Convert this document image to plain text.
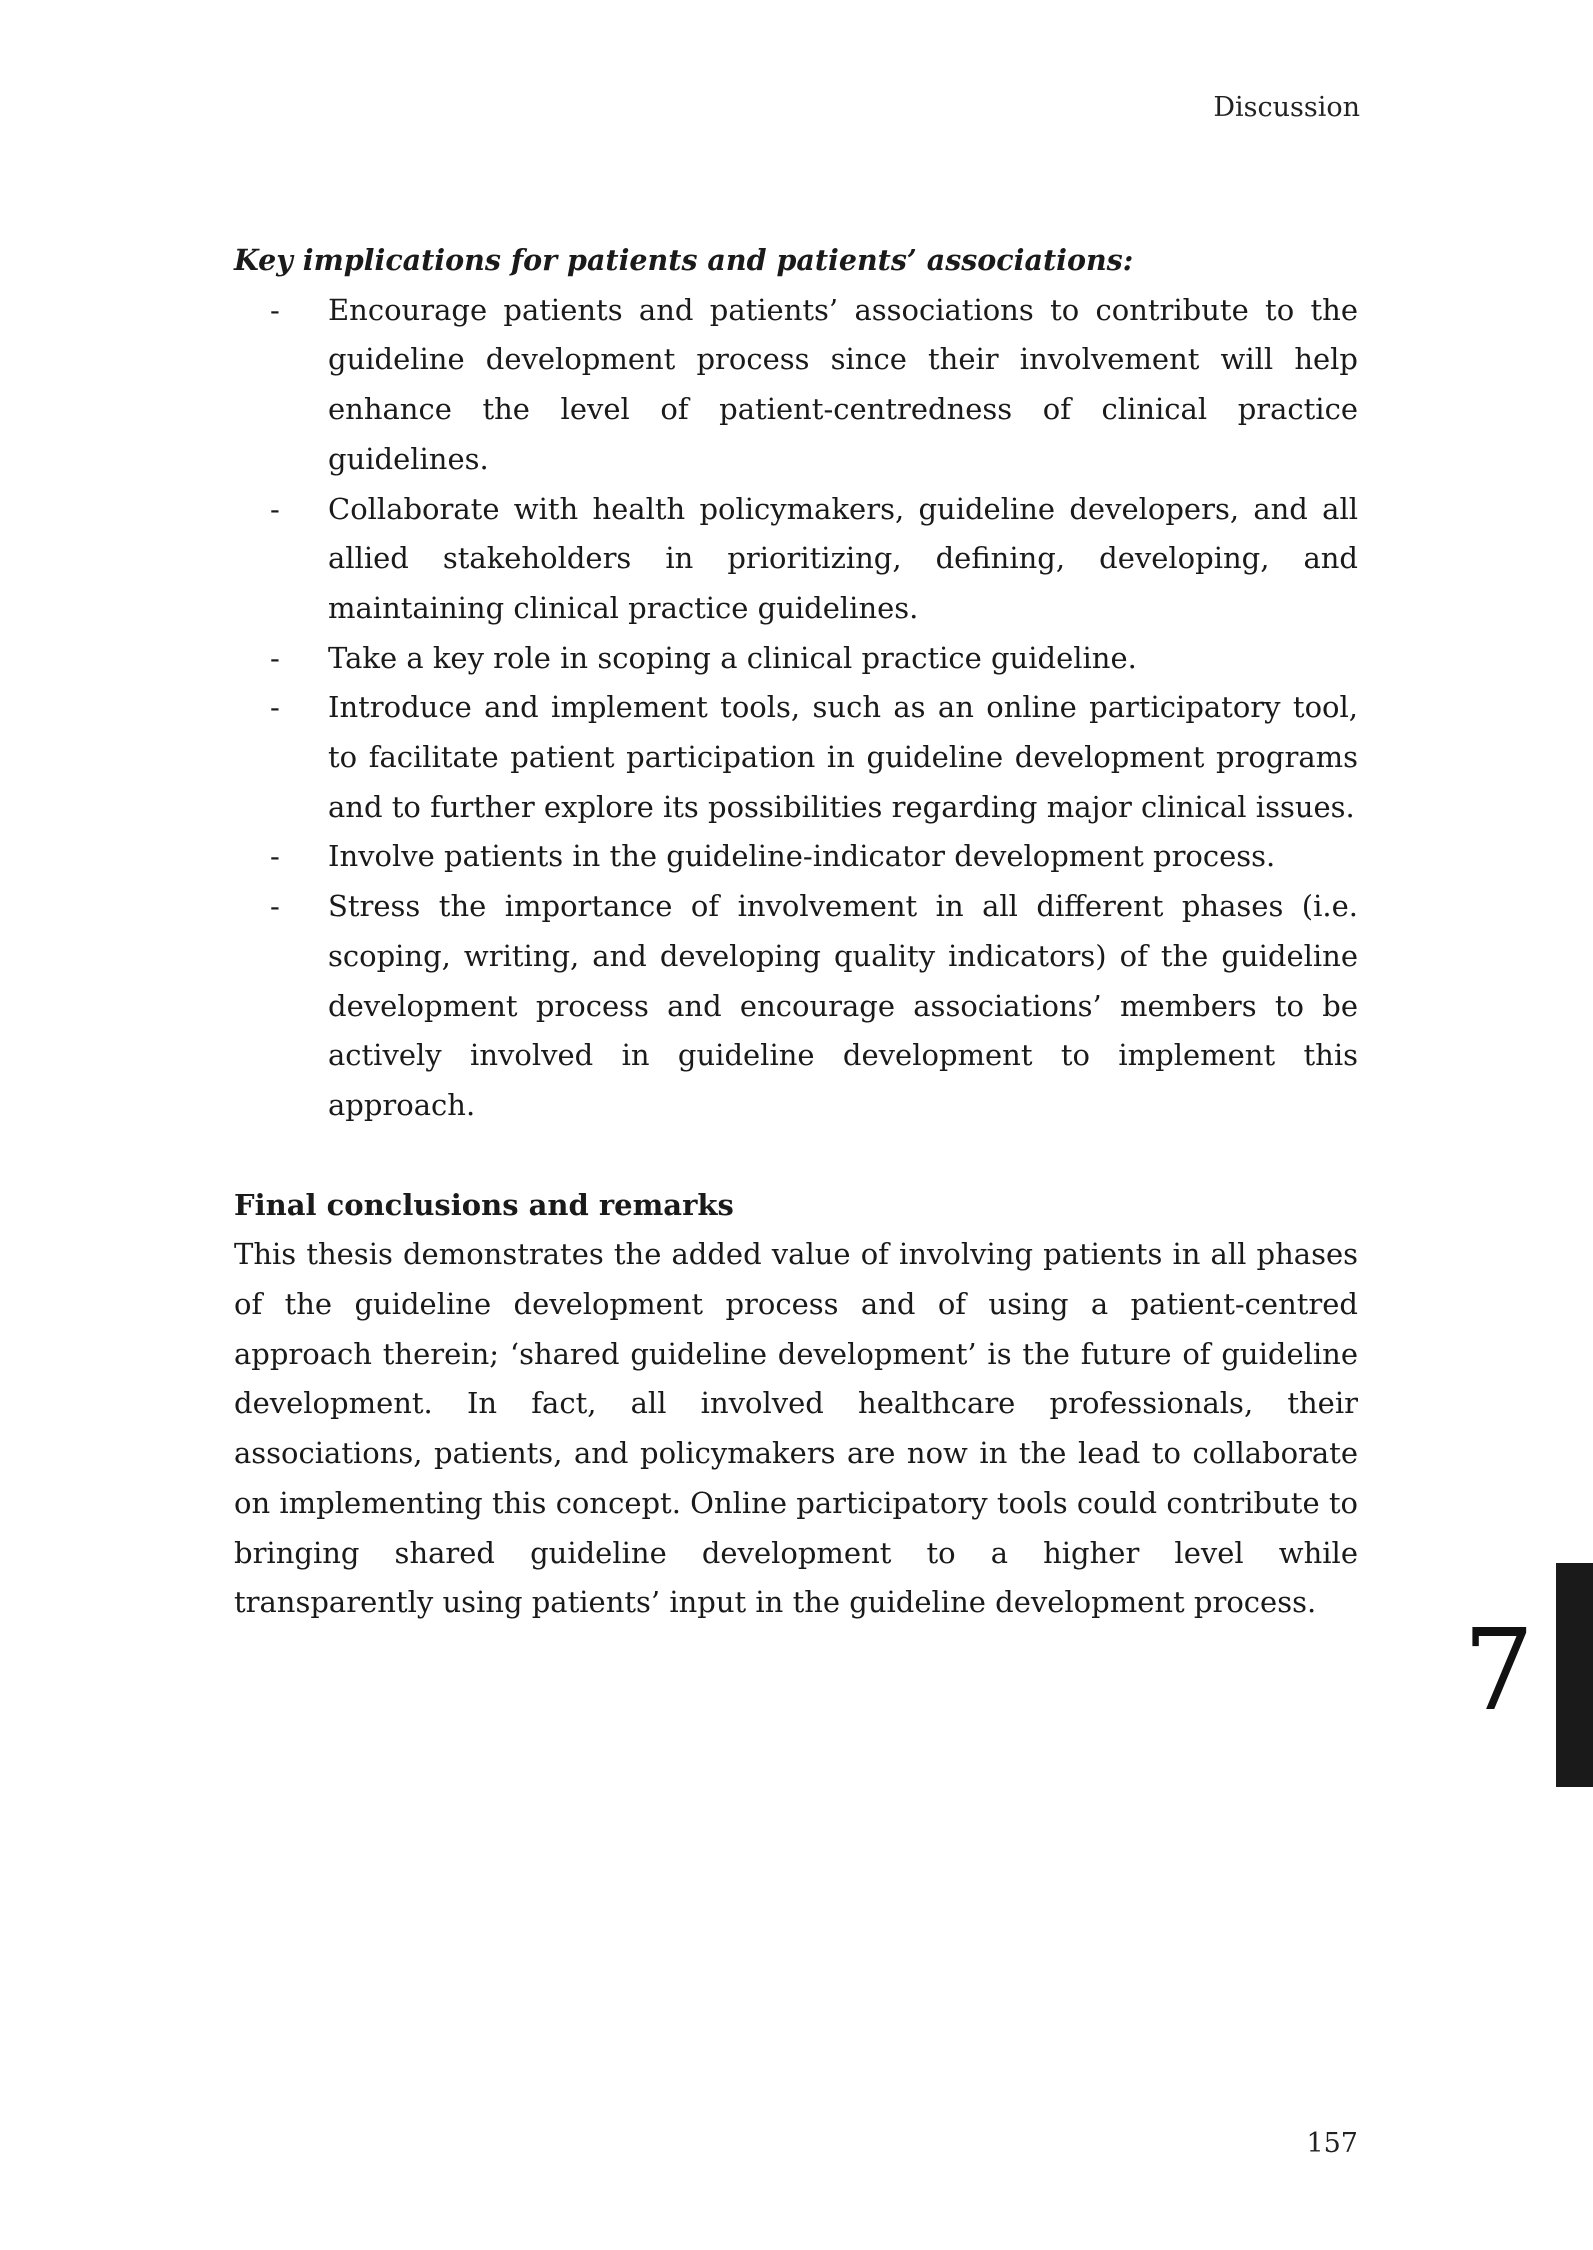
Discussion

Key implications for patients and patients’ associations:

- Encourage patients and patients’ associations to contribute to the guideline development process since their involvement will help enhance the level of patient-centredness of clinical practice guidelines.
- Collaborate with health policymakers, guideline developers, and all allied stakeholders in prioritizing, defining, developing, and maintaining clinical practice guidelines.
- Take a key role in scoping a clinical practice guideline.
- Introduce and implement tools, such as an online participatory tool, to facilitate patient participation in guideline development programs and to further explore its possibilities regarding major clinical issues.
- Involve patients in the guideline-indicator development process.
- Stress the importance of involvement in all different phases (i.e. scoping, writing, and developing quality indicators) of the guideline development process and encourage associations’ members to be actively involved in guideline development to implement this approach.

Final conclusions and remarks

This thesis demonstrates the added value of involving patients in all phases of the guideline development process and of using a patient-centred approach therein; ‘shared guideline development’ is the future of guideline development. In fact, all involved healthcare professionals, their associations, patients, and policymakers are now in the lead to collaborate on implementing this concept. Online participatory tools could contribute to bringing shared guideline development to a higher level while transparently using patients’ input in the guideline development process.

7
157
